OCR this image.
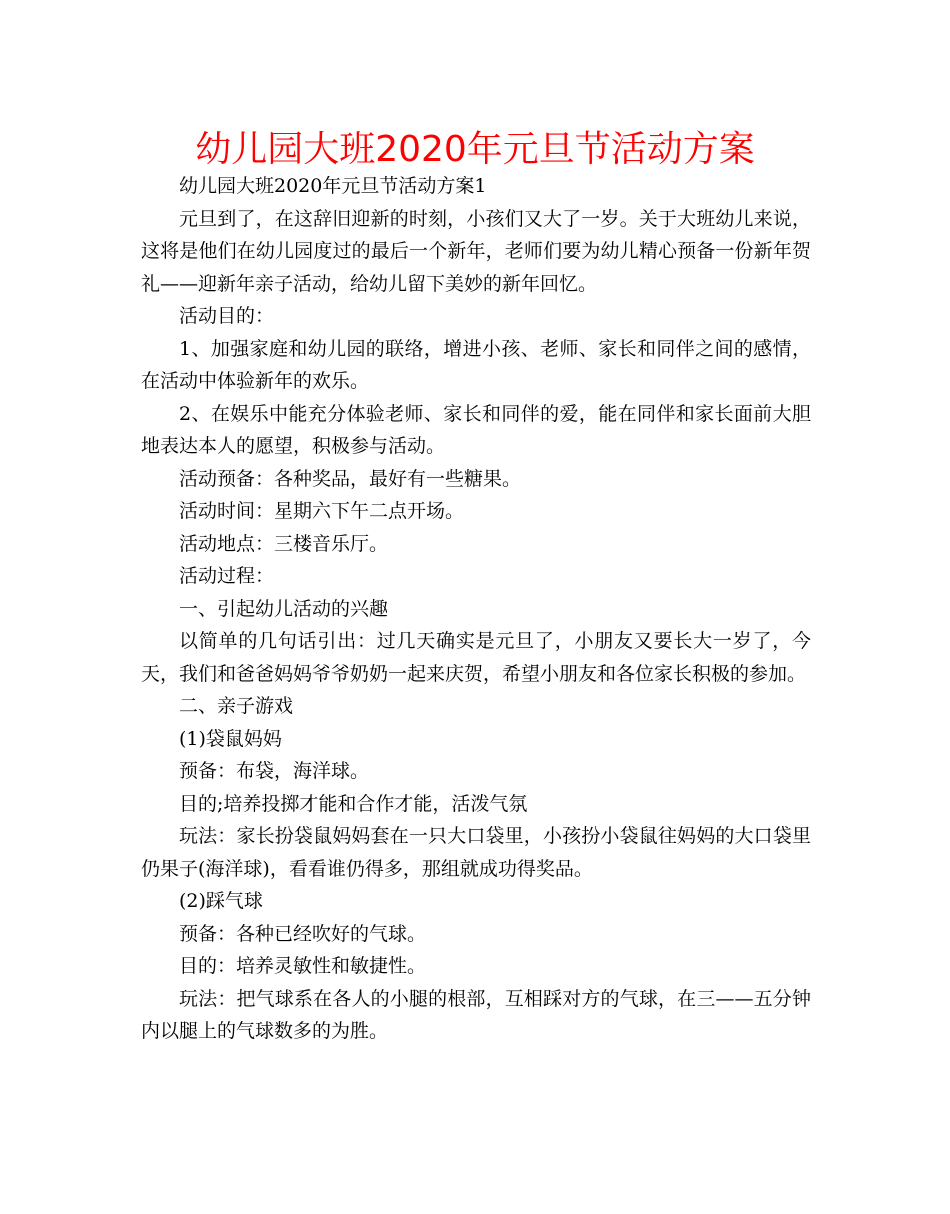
幼儿园大班2020年元旦节活动方案

幼儿园大班2020年元旦节活动方案1

元旦到了，在这辞旧迎新的时刻，小孩们又大了一岁。关于大班幼儿来说，这将是他们在幼儿园度过的最后一个新年，老师们要为幼儿精心预备一份新年贺礼——迎新年亲子活动，给幼儿留下美妙的新年回忆。

活动目的：

1、加强家庭和幼儿园的联络，增进小孩、老师、家长和同伴之间的感情，在活动中体验新年的欢乐。

2、在娱乐中能充分体验老师、家长和同伴的爱，能在同伴和家长面前大胆地表达本人的愿望，积极参与活动。

活动预备：各种奖品，最好有一些糖果。

活动时间：星期六下午二点开场。

活动地点：三楼音乐厅。

活动过程：

一、引起幼儿活动的兴趣

以简单的几句话引出：过几天确实是元旦了，小朋友又要长大一岁了，今天，我们和爸爸妈妈爷爷奶奶一起来庆贺，希望小朋友和各位家长积极的参加。

二、亲子游戏

(1)袋鼠妈妈

预备：布袋，海洋球。

目的;培养投掷才能和合作才能，活泼气氛

玩法：家长扮袋鼠妈妈套在一只大口袋里，小孩扮小袋鼠往妈妈的大口袋里仍果子(海洋球)，看看谁仍得多，那组就成功得奖品。

(2)踩气球

预备：各种已经吹好的气球。

目的：培养灵敏性和敏捷性。

玩法：把气球系在各人的小腿的根部，互相踩对方的气球，在三——五分钟内以腿上的气球数多的为胜。
